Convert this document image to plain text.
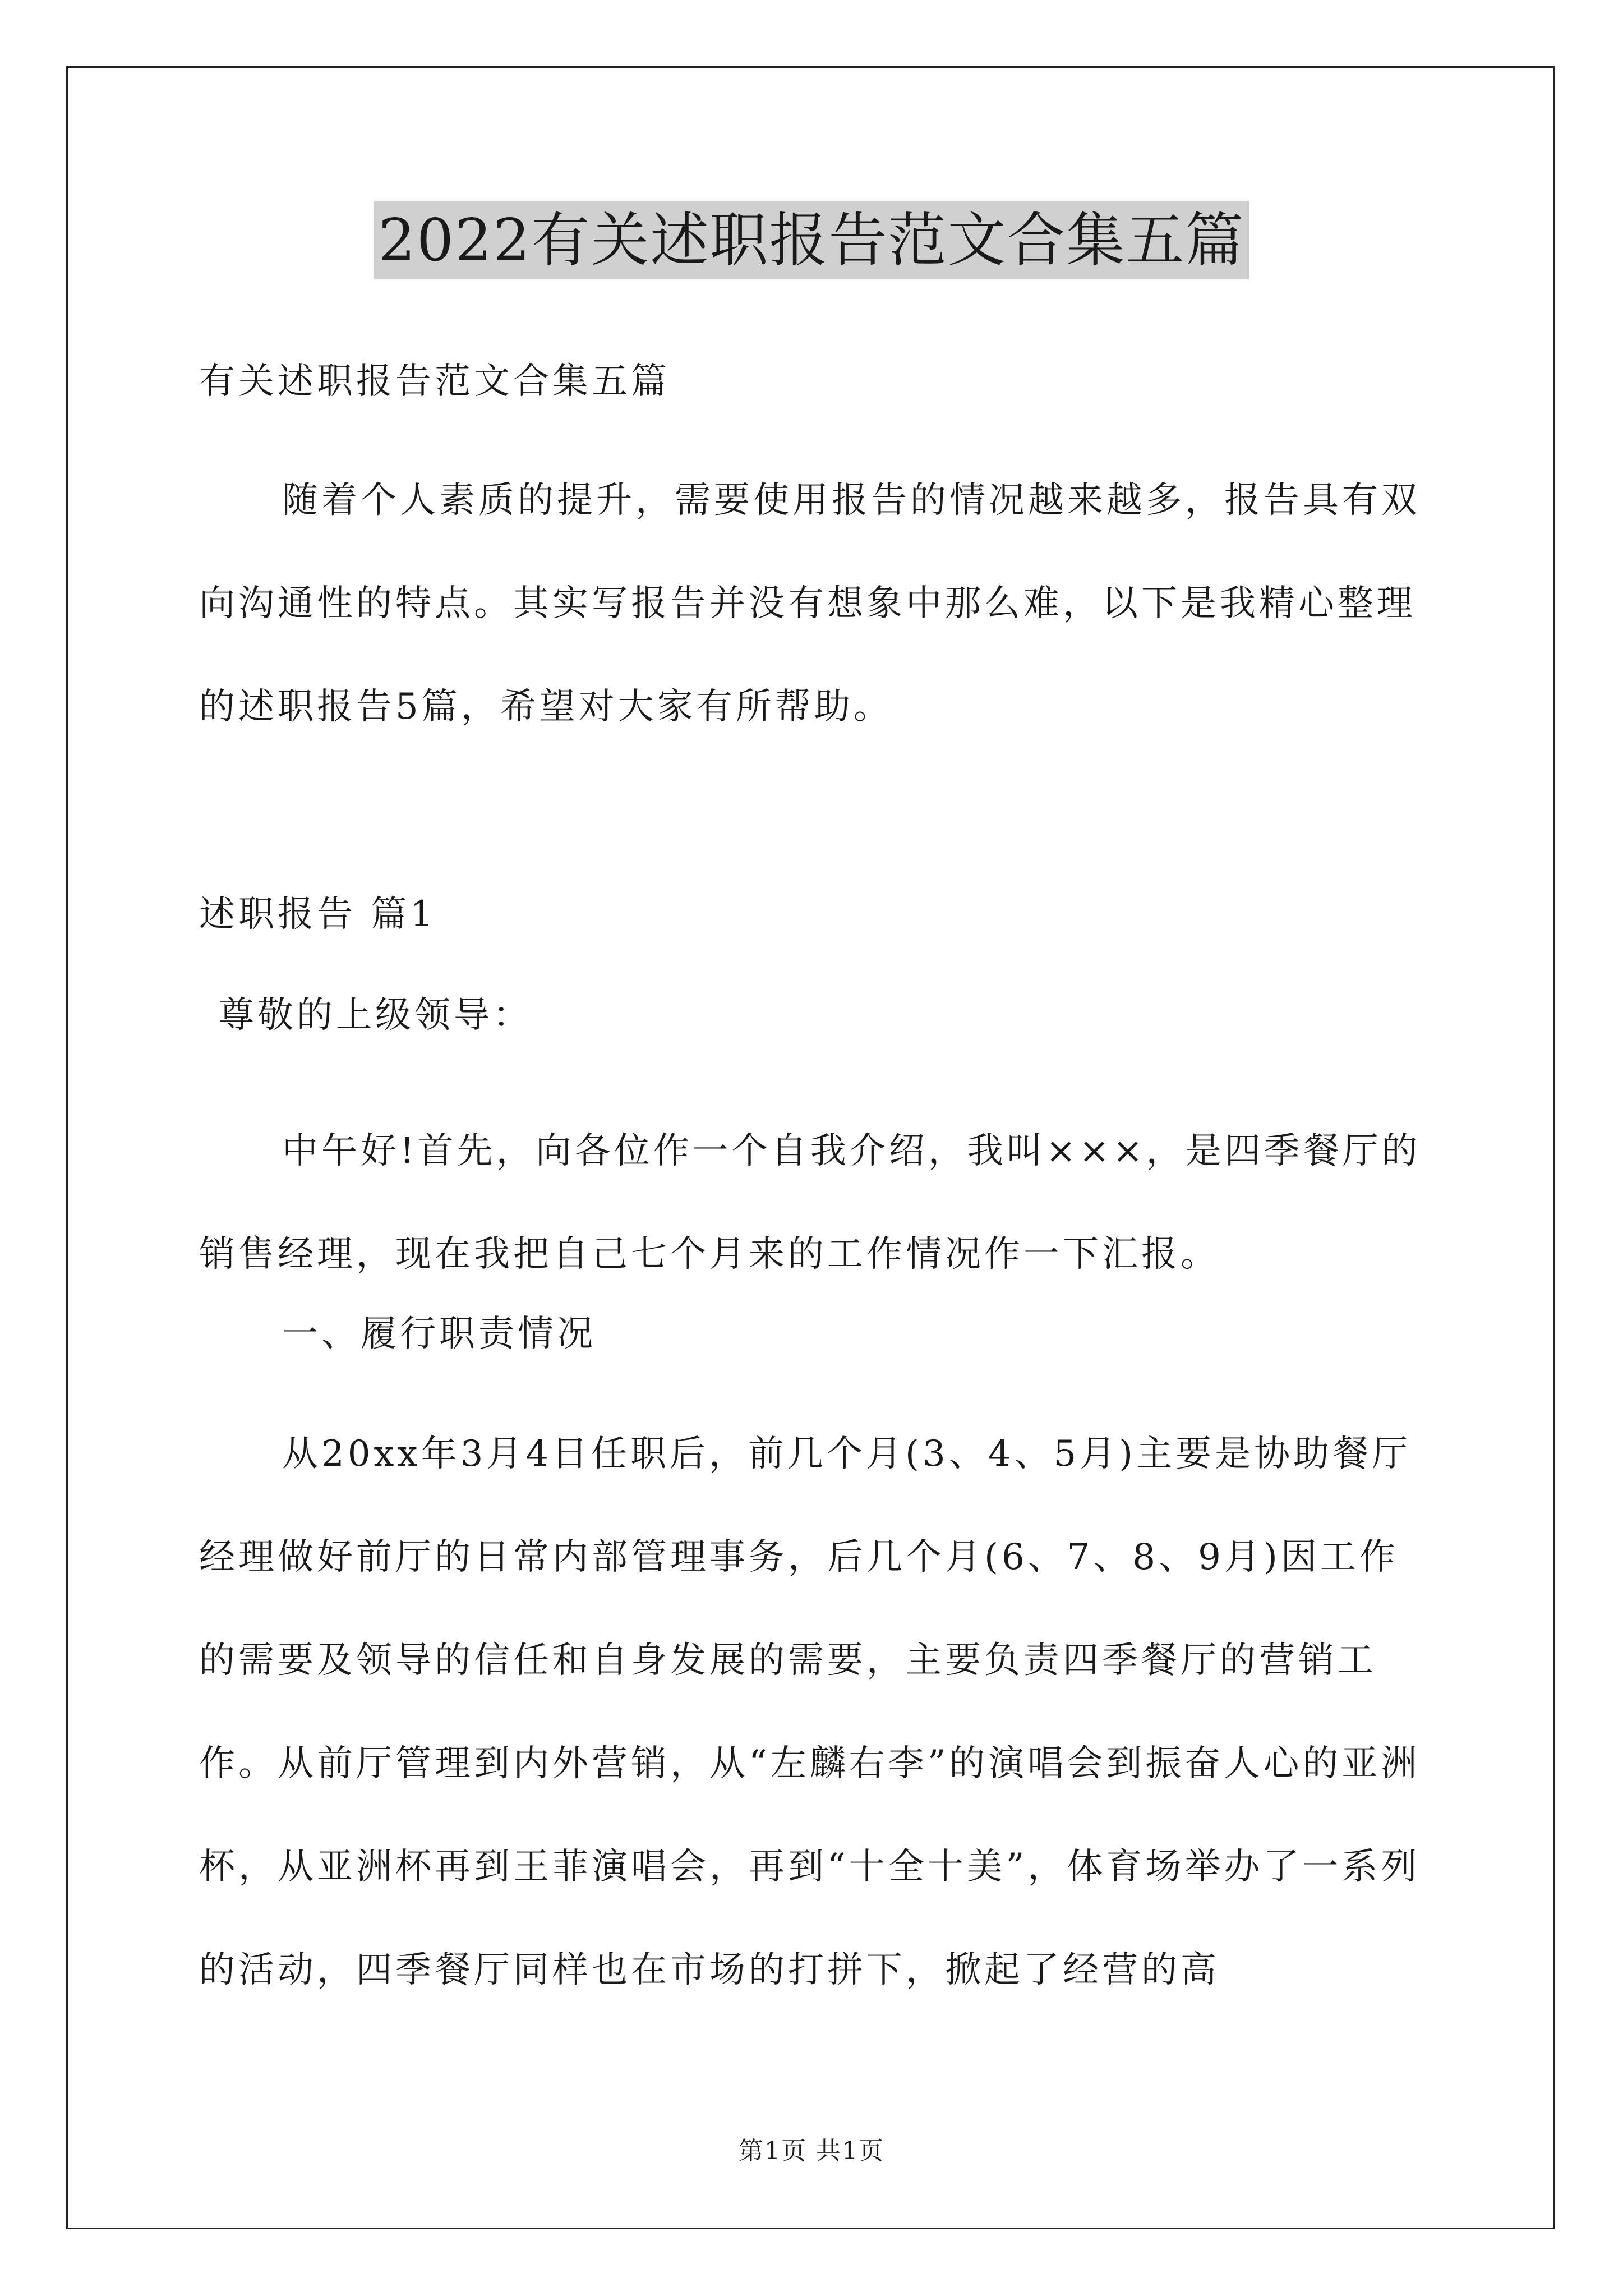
2022有关述职报告范文合集五篇
有关述职报告范文合集五篇
随着个人素质的提升，需要使用报告的情况越来越多，报告具有双向沟通性的特点。其实写报告并没有想象中那么难，以下是我精心整理的述职报告5篇，希望对大家有所帮助。
述职报告 篇1
尊敬的上级领导：
中午好!首先，向各位作一个自我介绍，我叫×××，是四季餐厅的销售经理，现在我把自己七个月来的工作情况作一下汇报。
一、履行职责情况
从20xx年3月4日任职后，前几个月(3、4、5月)主要是协助餐厅经理做好前厅的日常内部管理事务，后几个月(6、7、8、9月)因工作的需要及领导的信任和自身发展的需要，主要负责四季餐厅的营销工作。从前厅管理到内外营销，从“左麟右李”的演唱会到振奋人心的亚洲杯，从亚洲杯再到王菲演唱会，再到“十全十美”，体育场举办了一系列的活动，四季餐厅同样也在市场的打拼下，掀起了经营的高
第1页 共1页
